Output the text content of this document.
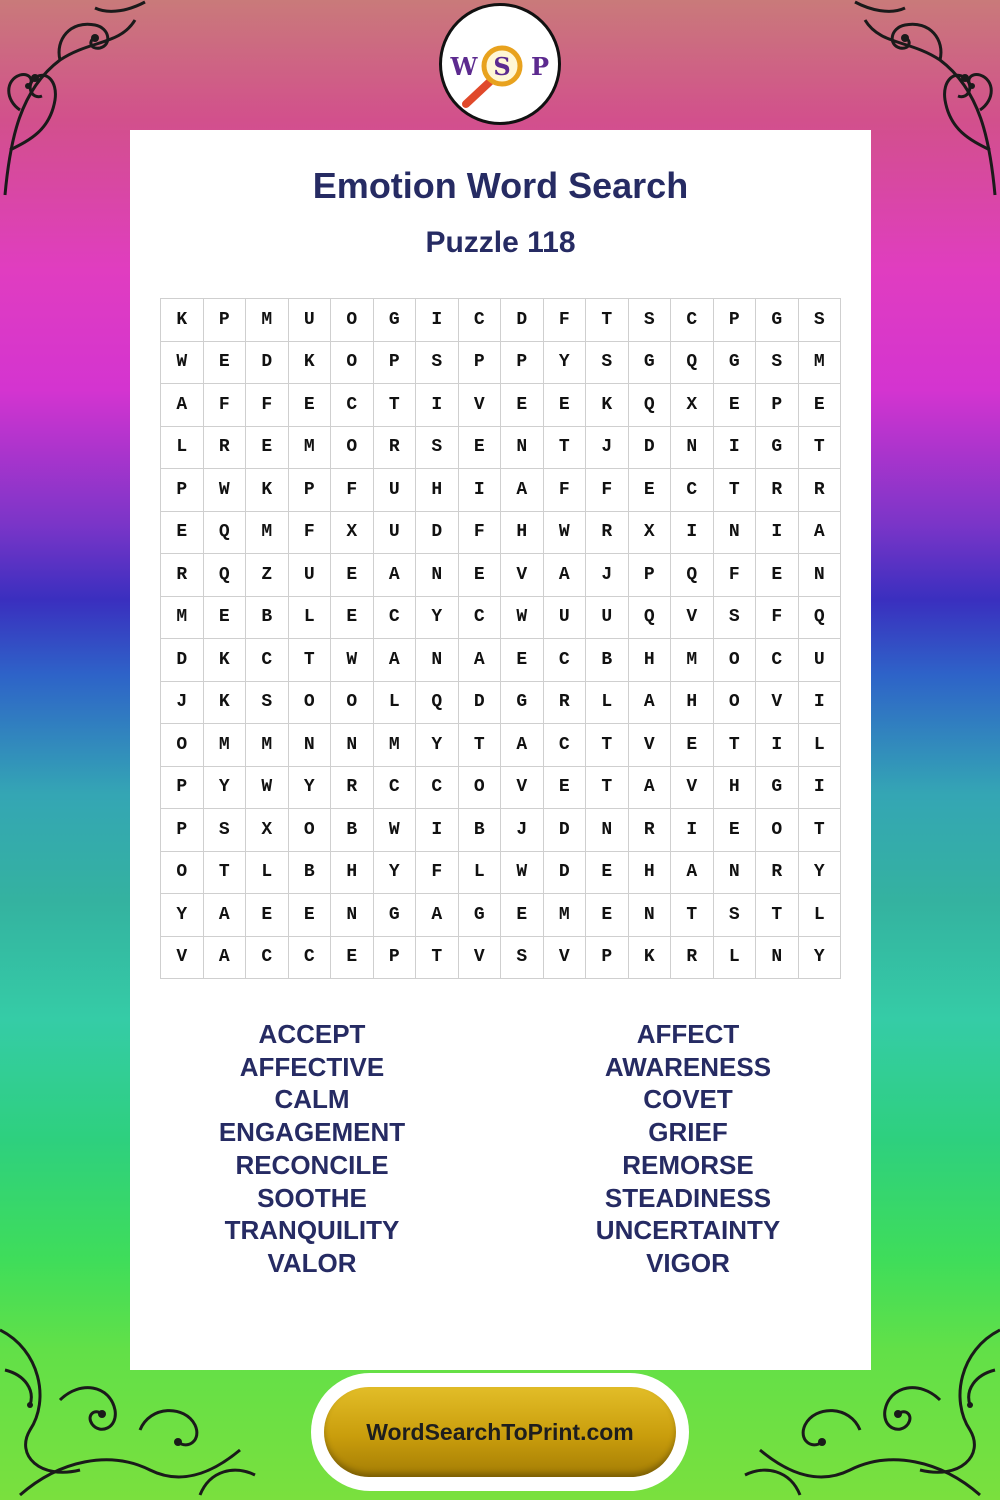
S
W P
Emotion Word Search
Puzzle 118
K	P	M	U	O	G	I	C	D	F	T	S	C	P	G	S
W	E	D	K	O	P	S	P	P	Y	S	G	Q	G	S	M
A	F	F	E	C	T	I	V	E	E	K	Q	X	E	P	E
L	R	E	M	O	R	S	E	N	T	J	D	N	I	G	T
P	W	K	P	F	U	H	I	A	F	F	E	C	T	R	R
E	Q	M	F	X	U	D	F	H	W	R	X	I	N	I	A
R	Q	Z	U	E	A	N	E	V	A	J	P	Q	F	E	N
M	E	B	L	E	C	Y	C	W	U	U	Q	V	S	F	Q
D	K	C	T	W	A	N	A	E	C	B	H	M	O	C	U
J	K	S	O	O	L	Q	D	G	R	L	A	H	O	V	I
O	M	M	N	N	M	Y	T	A	C	T	V	E	T	I	L
P	Y	W	Y	R	C	C	O	V	E	T	A	V	H	G	I
P	S	X	O	B	W	I	B	J	D	N	R	I	E	O	T
O	T	L	B	H	Y	F	L	W	D	E	H	A	N	R	Y
Y	A	E	E	N	G	A	G	E	M	E	N	T	S	T	L
V	A	C	C	E	P	T	V	S	V	P	K	R	L	N	Y
ACCEPT
AFFECTIVE
CALM
ENGAGEMENT
RECONCILE
SOOTHE
TRANQUILITY
VALOR
AFFECT
AWARENESS
COVET
GRIEF
REMORSE
STEADINESS
UNCERTAINTY
VIGOR
WordSearchToPrint.com
